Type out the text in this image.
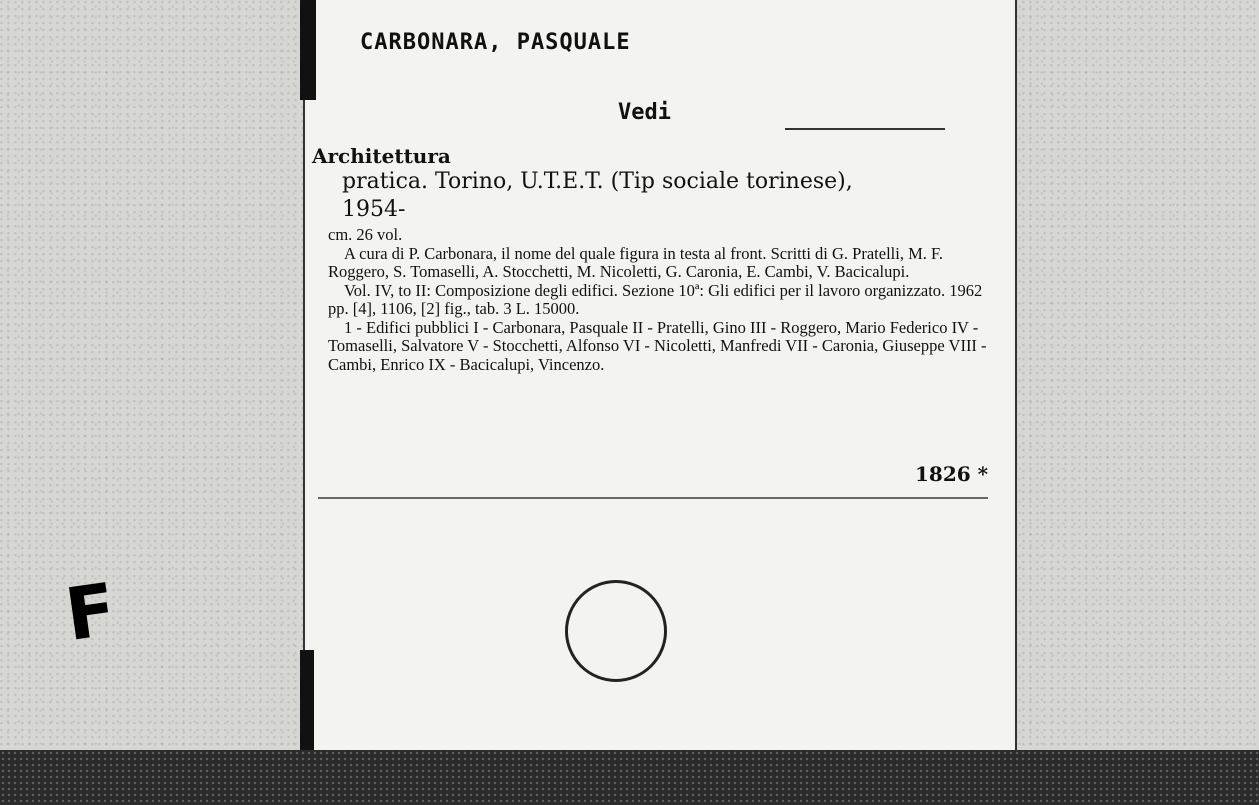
CARBONARA, PASQUALE
Vedi
Architettura
pratica. Torino, U.T.E.T. (Tip sociale torinese),
1954-

cm. 26 vol.

A cura di P. Carbonara, il nome del quale figura in testa al front. Scritti di G. Pratelli, M. F. Roggero, S. Tomaselli, A. Stocchetti, M. Nicoletti, G. Caronia, E. Cambi, V. Bacicalupi.

Vol. IV, to II: Composizione degli edifici. Sezione 10ª: Gli edifici per il lavoro organizzato. 1962 pp. [4], 1106, [2] fig., tab. 3 L. 15000.

1 - Edifici pubblici I - Carbonara, Pasquale II - Pratelli, Gino III - Roggero, Mario Federico IV - Tomaselli, Salvatore V - Stocchetti, Alfonso VI - Nicoletti, Manfredi VII - Caronia, Giuseppe VIII - Cambi, Enrico IX - Bacicalupi, Vincenzo.

1826 *
F
